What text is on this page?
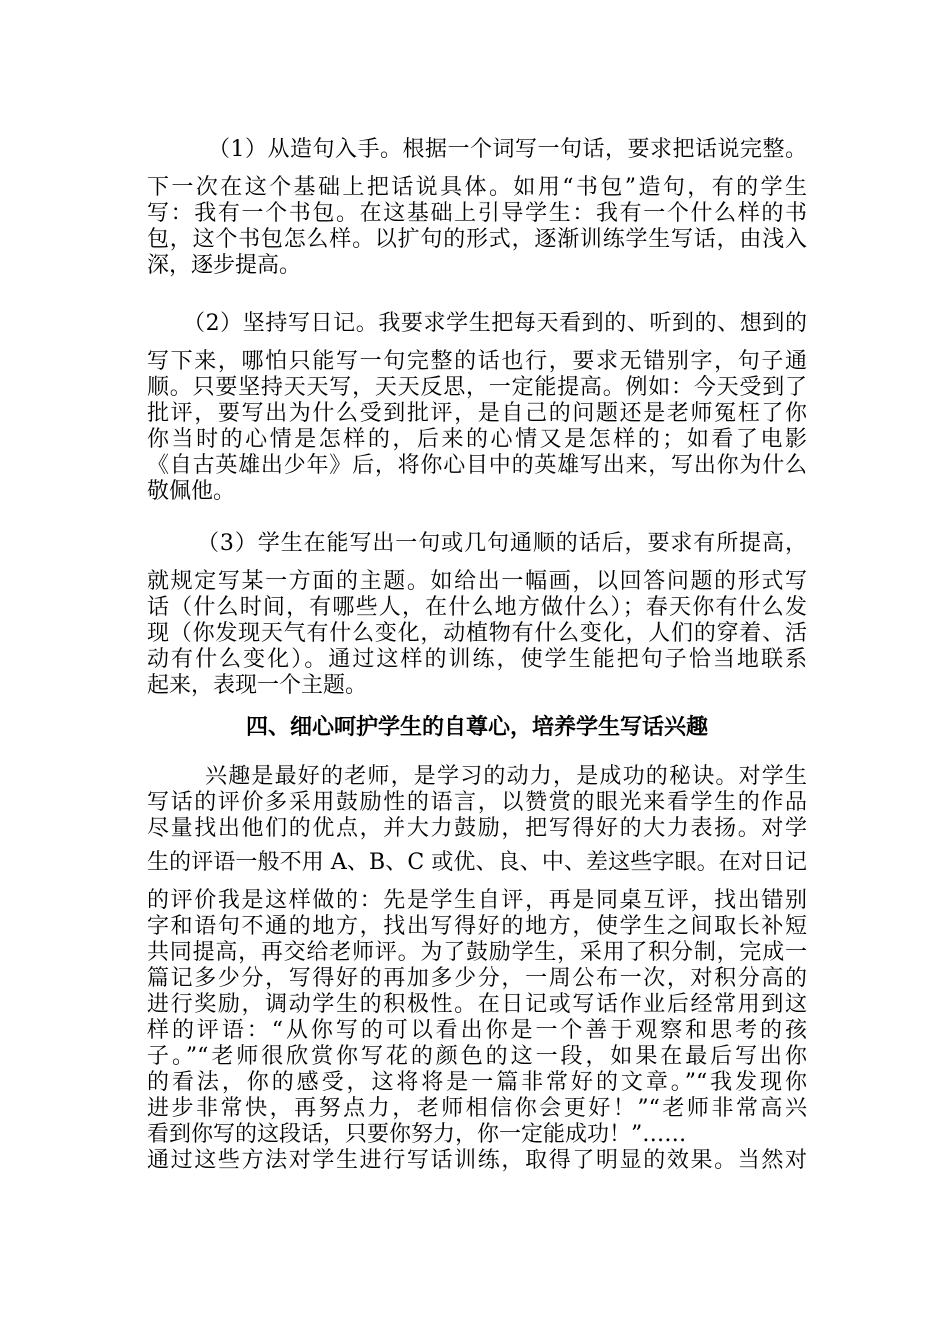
（1）从造句入手。根据一个词写一句话，要求把话说完整。
下一次在这个基础上把话说具体。如用“书包”造句，有的学生
写：我有一个书包。在这基础上引导学生：我有一个什么样的书
包，这个书包怎么样。以扩句的形式，逐渐训练学生写话，由浅入
深，逐步提高。
（2）坚持写日记。我要求学生把每天看到的、听到的、想到的
写下来，哪怕只能写一句完整的话也行，要求无错别字，句子通
顺。只要坚持天天写，天天反思，一定能提高。例如：今天受到了
批评，要写出为什么受到批评，是自己的问题还是老师冤枉了你
你当时的心情是怎样的，后来的心情又是怎样的；如看了电影
《自古英雄出少年》后，将你心目中的英雄写出来，写出你为什么
敬佩他。
（3）学生在能写出一句或几句通顺的话后，要求有所提高，
就规定写某一方面的主题。如给出一幅画，以回答问题的形式写
话（什么时间，有哪些人，在什么地方做什么）；春天你有什么发
现（你发现天气有什么变化，动植物有什么变化，人们的穿着、活
动有什么变化）。通过这样的训练，使学生能把句子恰当地联系
起来，表现一个主题。
四、细心呵护学生的自尊心，培养学生写话兴趣
兴趣是最好的老师，是学习的动力，是成功的秘诀。对学生
写话的评价多采用鼓励性的语言，以赞赏的眼光来看学生的作品
尽量找出他们的优点，并大力鼓励，把写得好的大力表扬。对学
生的评语一般不用 A、B、C 或优、良、中、差这些字眼。在对日记
的评价我是这样做的：先是学生自评，再是同桌互评，找出错别
字和语句不通的地方，找出写得好的地方，使学生之间取长补短
共同提高，再交给老师评。为了鼓励学生，采用了积分制，完成一
篇记多少分，写得好的再加多少分，一周公布一次，对积分高的
进行奖励，调动学生的积极性。在日记或写话作业后经常用到这
样的评语：“从你写的可以看出你是一个善于观察和思考的孩
子。”“老师很欣赏你写花的颜色的这一段，如果在最后写出你
的看法，你的感受，这将将是一篇非常好的文章。”“我发现你
进步非常快，再努点力，老师相信你会更好！”“老师非常高兴
看到你写的这段话，只要你努力，你一定能成功！”……
通过这些方法对学生进行写话训练，取得了明显的效果。当然对
